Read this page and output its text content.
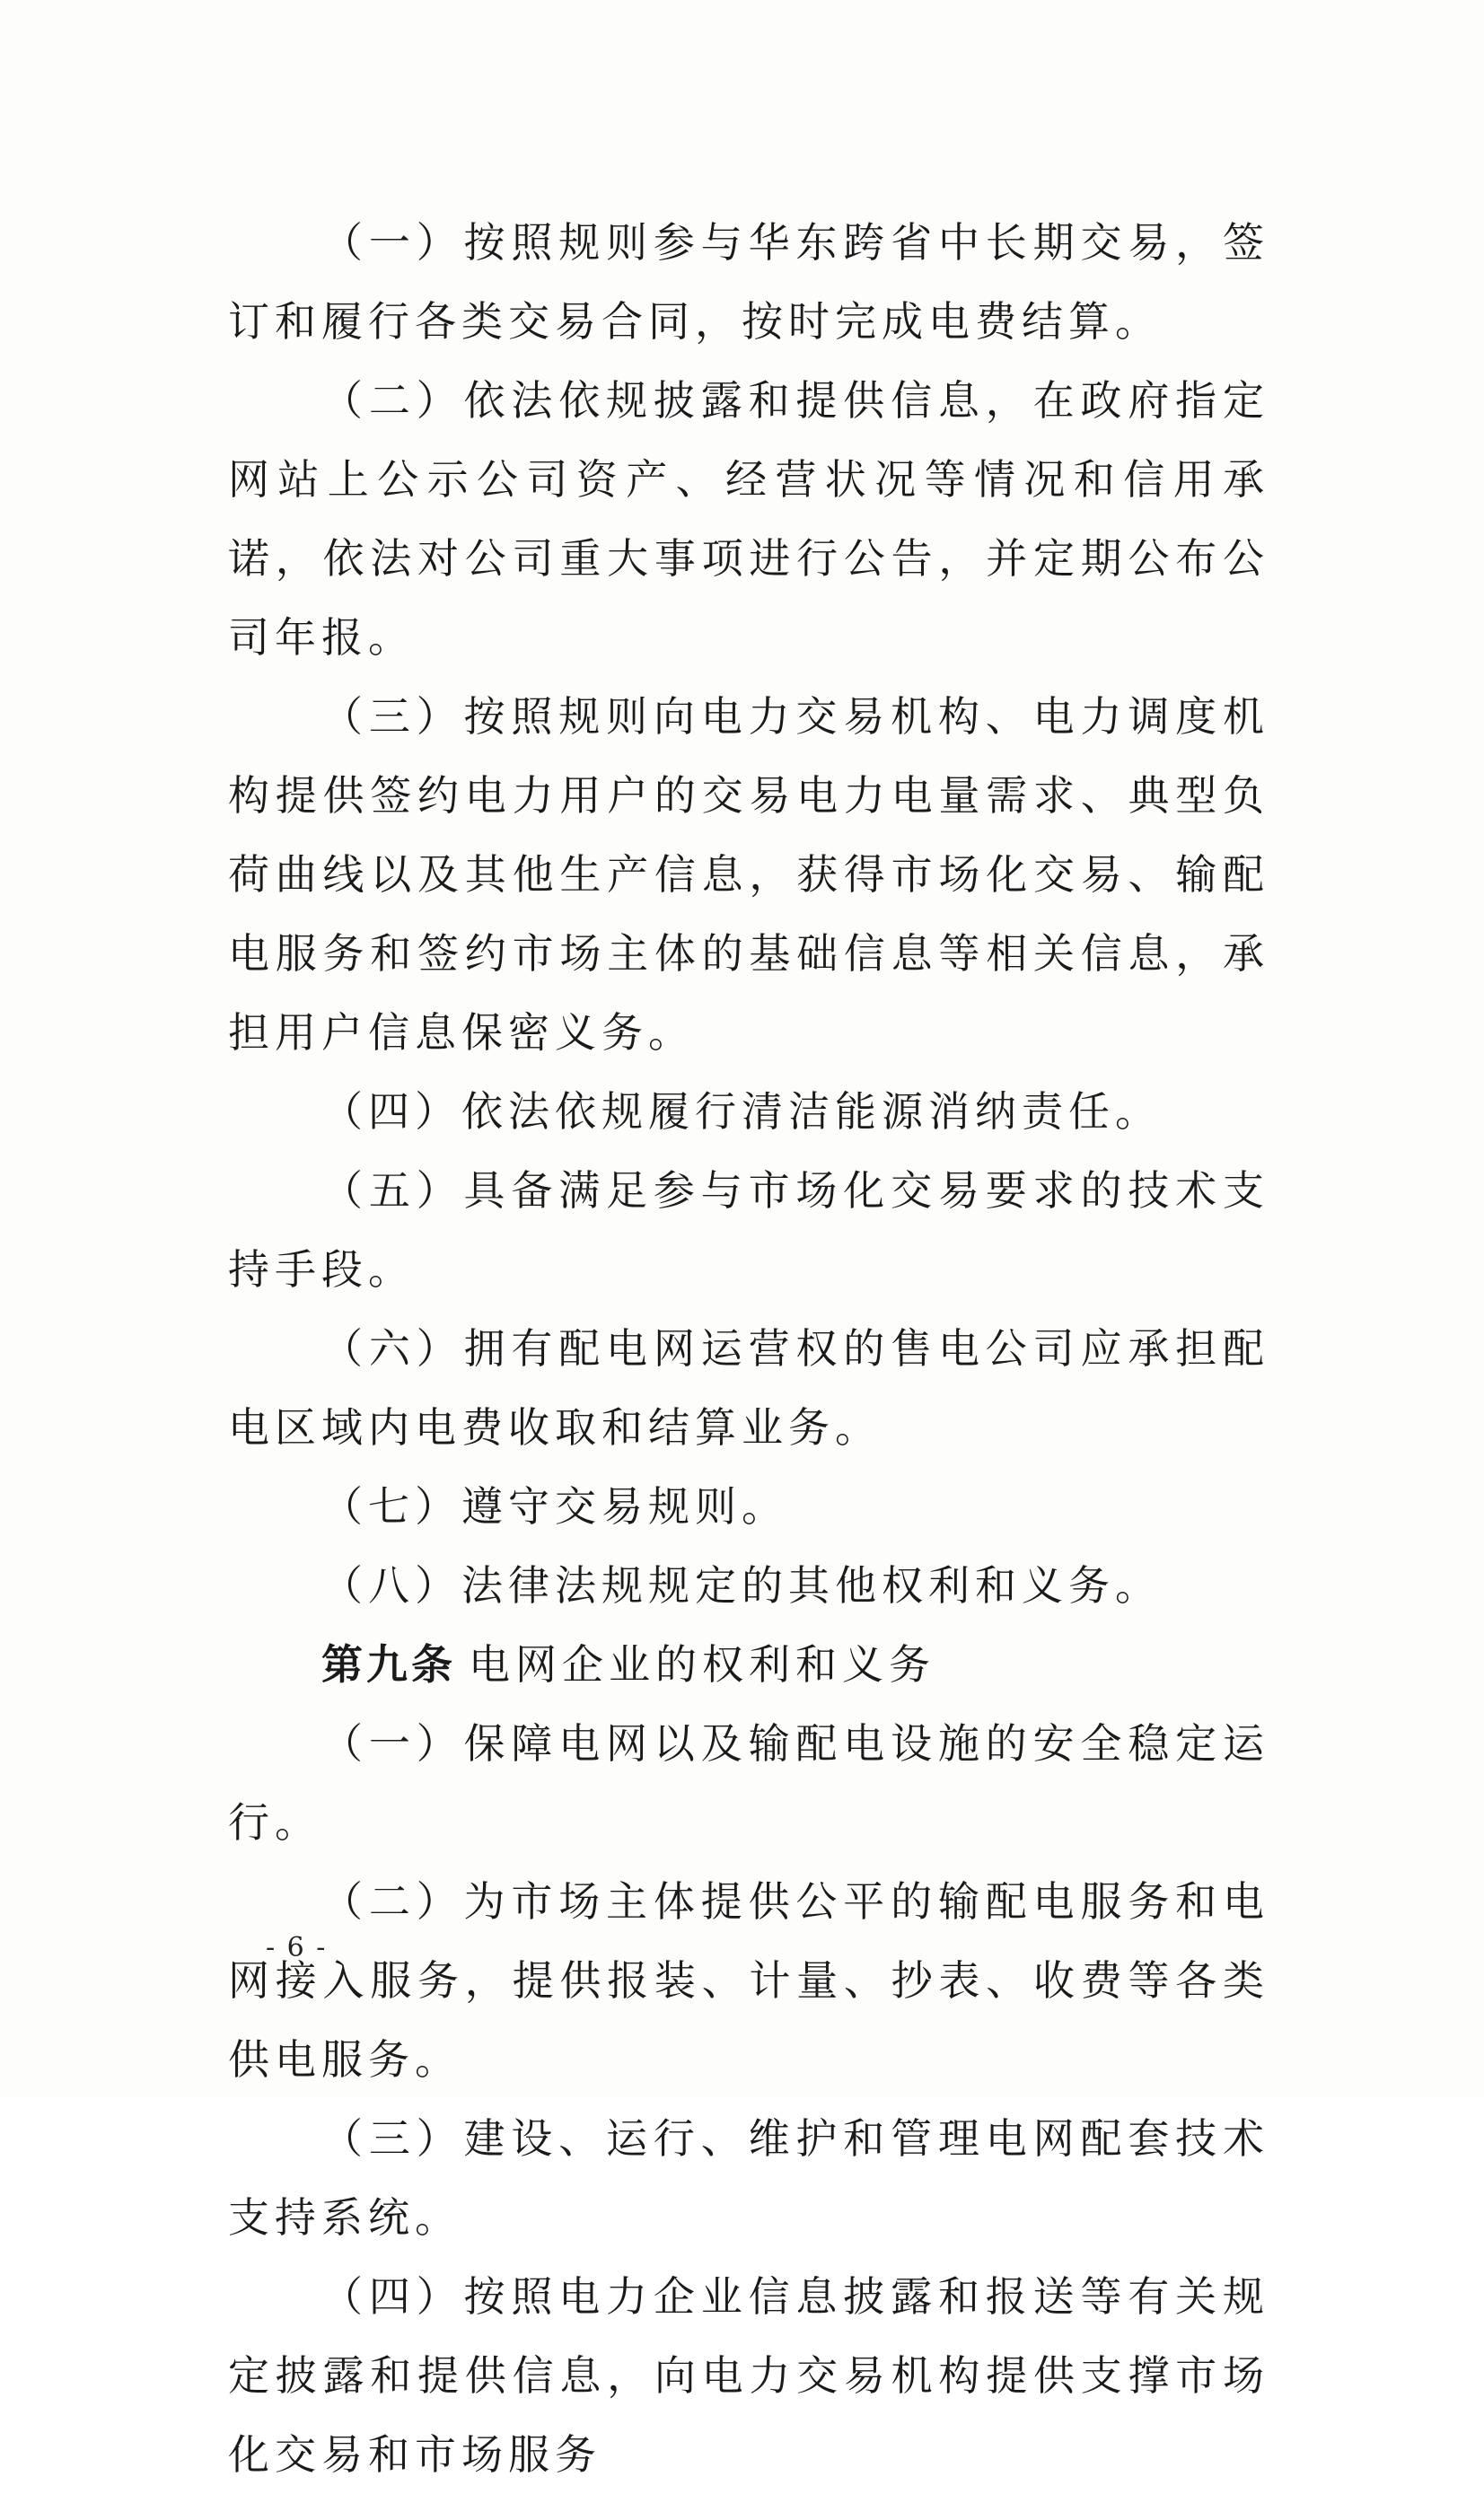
（一）按照规则参与华东跨省中长期交易，签订和履行各类交易合同，按时完成电费结算。

（二）依法依规披露和提供信息，在政府指定网站上公示公司资产、经营状况等情况和信用承诺，依法对公司重大事项进行公告，并定期公布公司年报。

（三）按照规则向电力交易机构、电力调度机构提供签约电力用户的交易电力电量需求、典型负荷曲线以及其他生产信息，获得市场化交易、输配电服务和签约市场主体的基础信息等相关信息，承担用户信息保密义务。

（四）依法依规履行清洁能源消纳责任。

（五）具备满足参与市场化交易要求的技术支持手段。

（六）拥有配电网运营权的售电公司应承担配电区域内电费收取和结算业务。

（七）遵守交易规则。

（八）法律法规规定的其他权利和义务。

第九条 电网企业的权利和义务

（一）保障电网以及输配电设施的安全稳定运行。

（二）为市场主体提供公平的输配电服务和电网接入服务，提供报装、计量、抄表、收费等各类供电服务。

（三）建设、运行、维护和管理电网配套技术支持系统。

（四）按照电力企业信息披露和报送等有关规定披露和提供信息，向电力交易机构提供支撑市场化交易和市场服务

- 6 -
